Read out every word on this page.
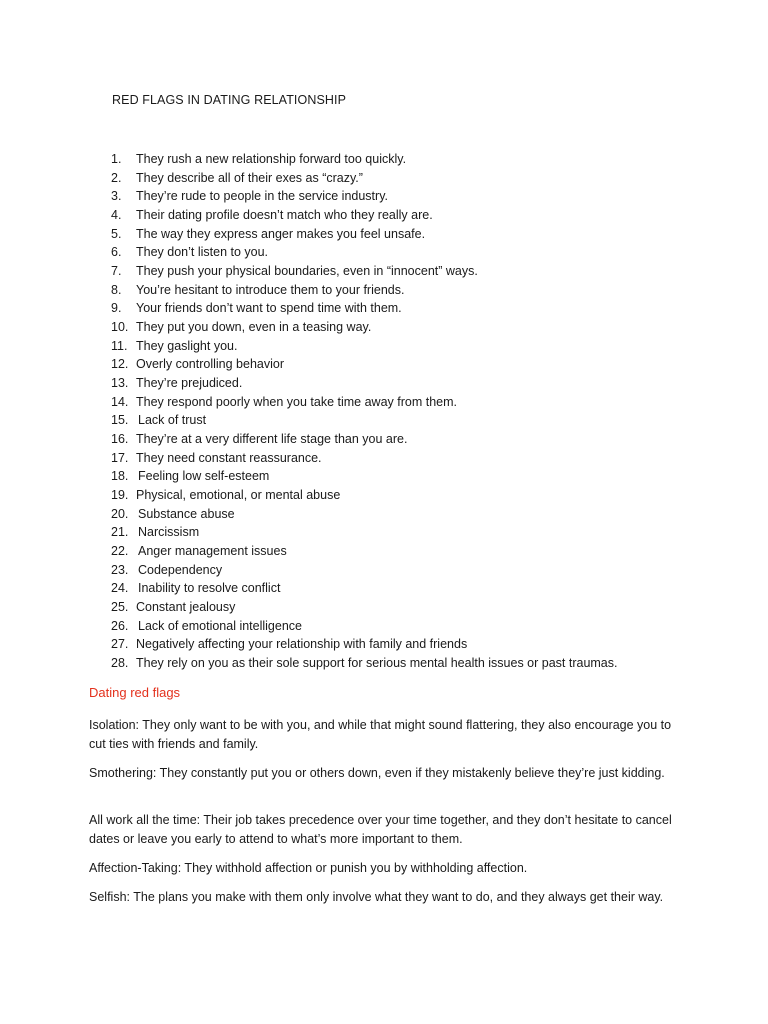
RED FLAGS IN DATING RELATIONSHIP
1. They rush a new relationship forward too quickly.
2. They describe all of their exes as “crazy.”
3. They’re rude to people in the service industry.
4. Their dating profile doesn’t match who they really are.
5. The way they express anger makes you feel unsafe.
6. They don’t listen to you.
7. They push your physical boundaries, even in “innocent” ways.
8. You’re hesitant to introduce them to your friends.
9. Your friends don’t want to spend time with them.
10. They put you down, even in a teasing way.
11. They gaslight you.
12. Overly controlling behavior
13. They’re prejudiced.
14. They respond poorly when you take time away from them.
15. Lack of trust
16. They’re at a very different life stage than you are.
17. They need constant reassurance.
18. Feeling low self-esteem
19. Physical, emotional, or mental abuse
20. Substance abuse
21. Narcissism
22. Anger management issues
23. Codependency
24. Inability to resolve conflict
25. Constant jealousy
26. Lack of emotional intelligence
27. Negatively affecting your relationship with family and friends
28. They rely on you as their sole support for serious mental health issues or past traumas.
Dating red flags

Isolation: They only want to be with you, and while that might sound flattering, they also encourage you to cut ties with friends and family.

Smothering: They constantly put you or others down, even if they mistakenly believe they’re just kidding.

All work all the time: Their job takes precedence over your time together, and they don’t hesitate to cancel dates or leave you early to attend to what’s more important to them.

Affection-Taking: They withhold affection or punish you by withholding affection.

Selfish: The plans you make with them only involve what they want to do, and they always get their way.
